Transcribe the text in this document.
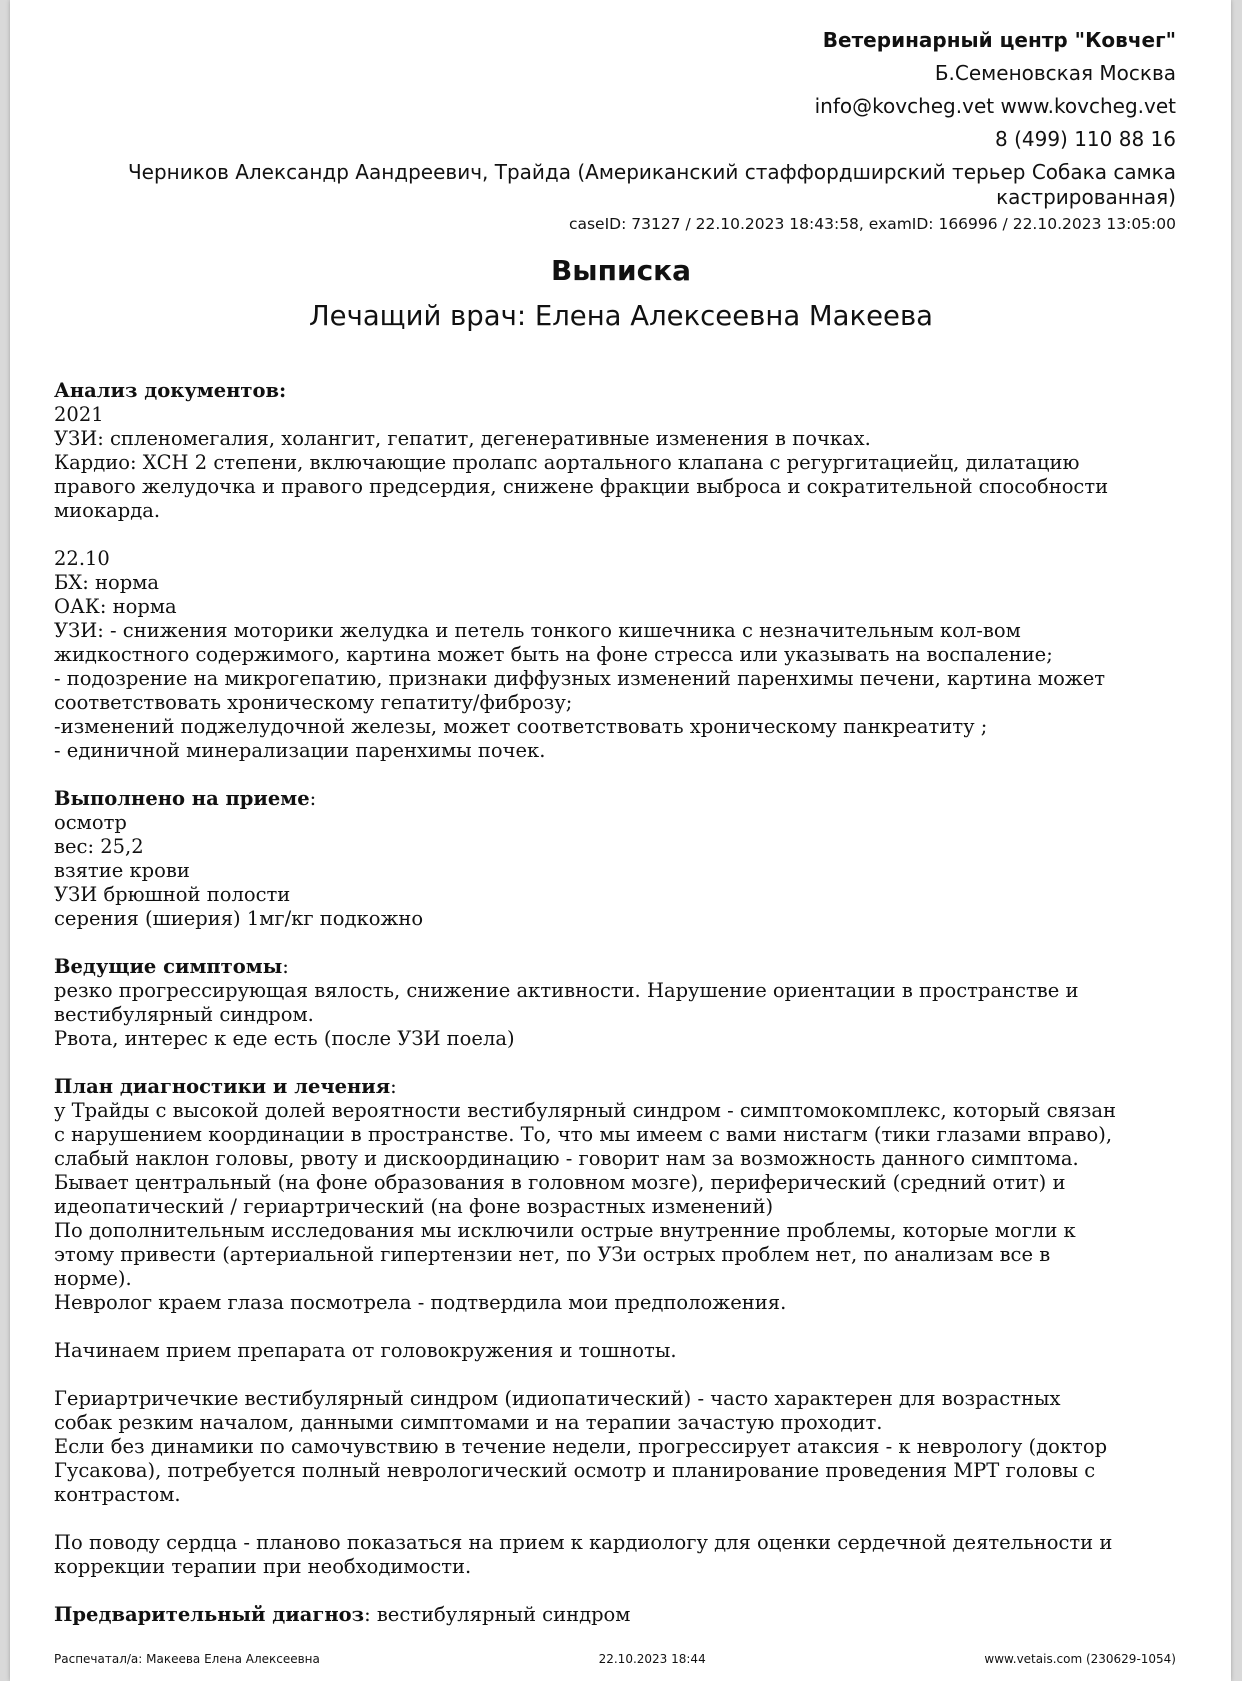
Ветеринарный центр "Ковчег"
Б.Семеновская Москва
info@kovcheg.vet www.kovcheg.vet
8 (499) 110 88 16
Черников Александр Аандреевич, Трайда (Американский стаффордширский терьер Собака самка
кастрированная)
caseID: 73127 / 22.10.2023 18:43:58, examID: 166996 / 22.10.2023 13:05:00
Выписка
Лечащий врач: Елена Алексеевна Макеева
Анализ документов:
2021
УЗИ: спленомегалия, холангит, гепатит, дегенеративные изменения в почках.
Кардио: ХСН 2 степени, включающие пролапс аортального клапана с регургитациейц, дилатацию
правого желудочка и правого предсердия, снижене фракции выброса и сократительной способности
миокарда.
22.10
БХ: норма
ОАК: норма
УЗИ: - снижения моторики желудка и петель тонкого кишечника с незначительным кол-вом
жидкостного содержимого, картина может быть на фоне стресса или указывать на воспаление;
- подозрение на микрогепатию, признаки диффузных изменений паренхимы печени, картина может
соответствовать хроническому гепатиту/фиброзу;
-изменений поджелудочной железы, может соответствовать хроническому панкреатиту ;
- единичной минерализации паренхимы почек.
Выполнено на приеме:
осмотр
вес: 25,2
взятие крови
УЗИ брюшной полости
серения (шиерия) 1мг/кг подкожно
Ведущие симптомы:
резко прогрессирующая вялость, снижение активности. Нарушение ориентации в пространстве и
вестибулярный синдром.
Рвота, интерес к еде есть (после УЗИ поела)
План диагностики и лечения:
у Трайды с высокой долей вероятности вестибулярный синдром - симптомокомплекс, который связан
с нарушением координации в пространстве. То, что мы имеем с вами нистагм (тики глазами вправо),
слабый наклон головы, рвоту и дискоординацию - говорит нам за возможность данного симптома.
Бывает центральный (на фоне образования в головном мозге), периферический (средний отит) и
идеопатический / гериартрический (на фоне возрастных изменений)
По дополнительным исследования мы исключили острые внутренние проблемы, которые могли к
этому привести (артериальной гипертензии нет, по УЗи острых проблем нет, по анализам все в
норме).
Невролог краем глаза посмотрела - подтвердила мои предположения.
Начинаем прием препарата от головокружения и тошноты.
Гериартричечкие вестибулярный синдром (идиопатический) - часто характерен для возрастных
собак резким началом, данными симптомами и на терапии зачастую проходит.
Если без динамики по самочувствию в течение недели, прогрессирует атаксия - к неврологу (доктор
Гусакова), потребуется полный неврологический осмотр и планирование проведения МРТ головы с
контрастом.
По поводу сердца - планово показаться на прием к кардиологу для оценки сердечной деятельности и
коррекции терапии при необходимости.
Предварительный диагноз: вестибулярный синдром
Распечатал/а: Макеева Елена Алексеевна	22.10.2023 18:44	www.vetais.com (230629-1054)
